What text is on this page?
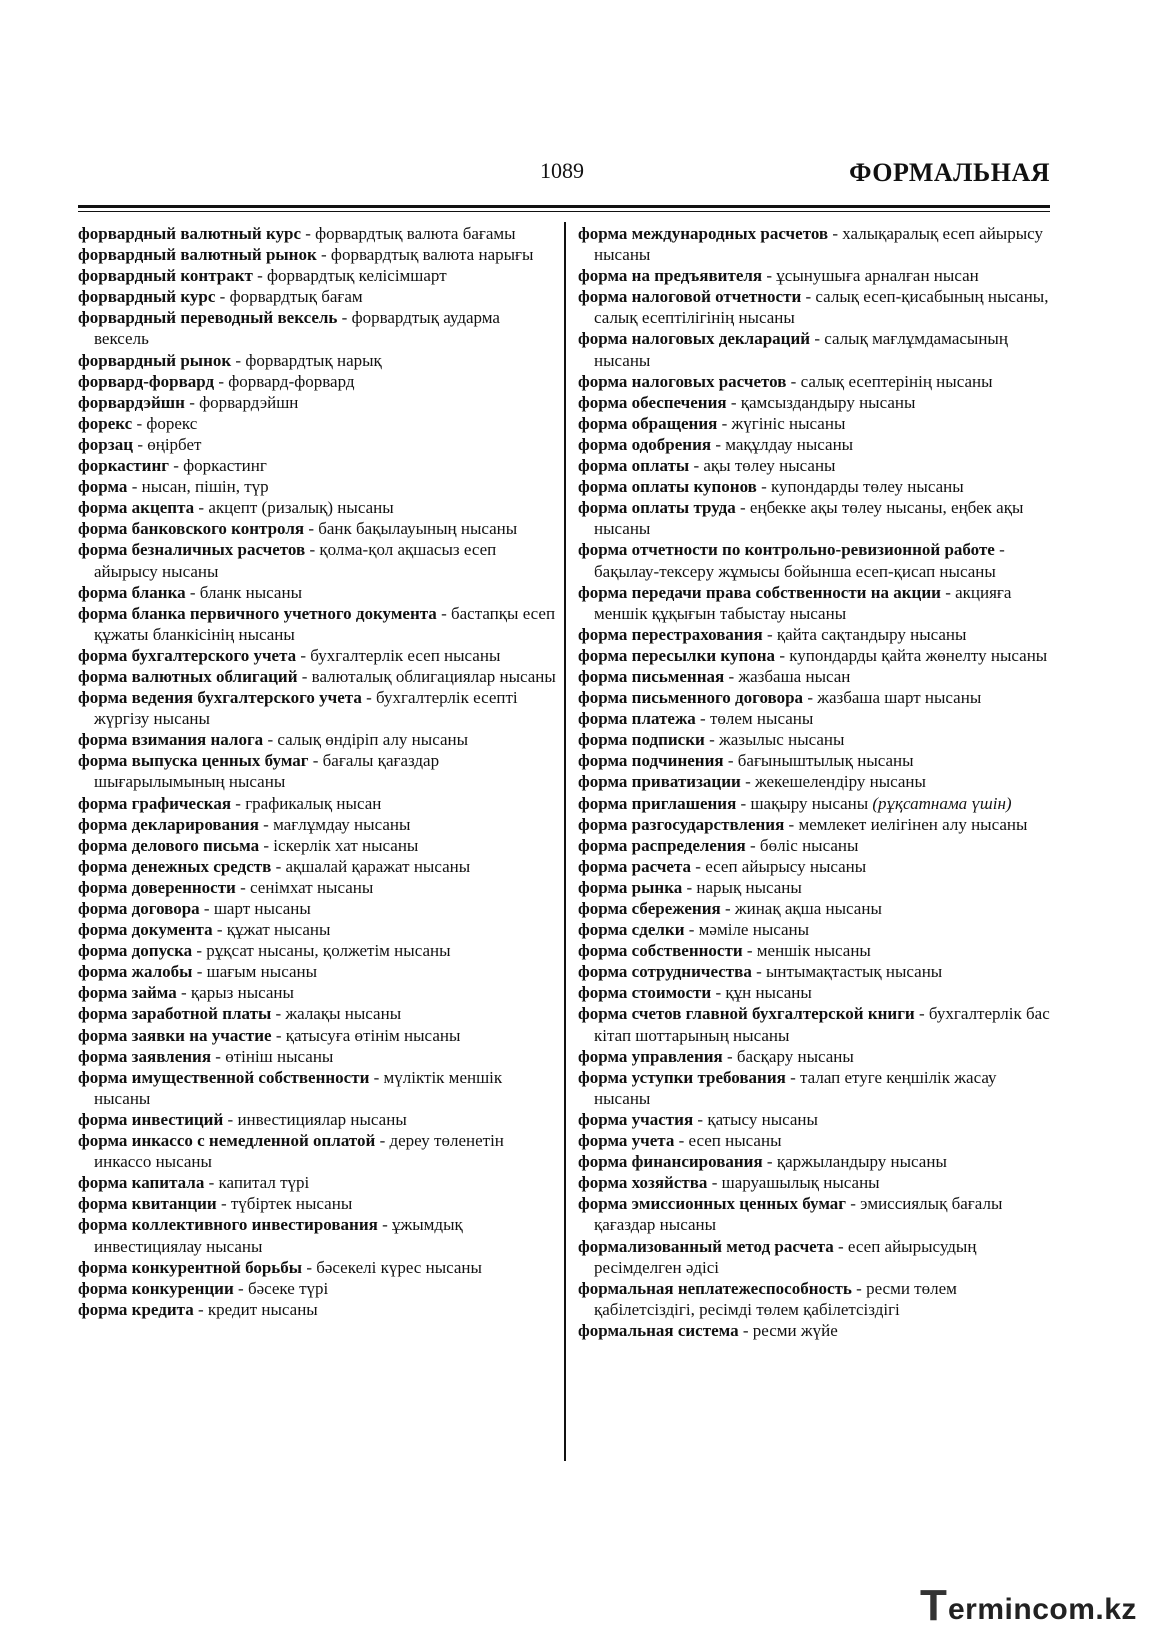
1089	ФОРМАЛЬНАЯ

форвардный валютный курс - форвардтық валюта бағамы

форвардный валютный рынок - форвардтық валюта нарығы

форвардный контракт - форвардтық келісімшарт

форвардный курс - форвардтық бағам

форвардный переводный вексель - форвардтық аударма вексель

форвардный рынок - форвардтық нарық

форвард-форвард - форвард-форвард

форвардэйшн - форвардэйшн

форекс - форекс

форзац - өңірбет

форкастинг - форкастинг

форма - нысан, пішін, түр

форма акцепта - акцепт (ризалық) нысаны

форма банковского контроля - банк бақылауының нысаны

форма безналичных расчетов - қолма-қол ақшасыз есеп айырысу нысаны

форма бланка - бланк нысаны

форма бланка первичного учетного документа - бастапқы есеп құжаты бланкісінің нысаны

форма бухгалтерского учета - бухгалтерлік есеп нысаны

форма валютных облигаций - валюталық облигациялар нысаны

форма ведения бухгалтерского учета - бухгалтерлік есепті жүргізу нысаны

форма взимания налога - салық өндіріп алу нысаны

форма выпуска ценных бумаг - бағалы қағаздар шығарылымының нысаны

форма графическая - графикалық нысан

форма декларирования - мағлұмдау нысаны

форма делового письма - іскерлік хат нысаны

форма денежных средств - ақшалай қаражат нысаны

форма доверенности - сенімхат нысаны

форма договора - шарт нысаны

форма документа - құжат нысаны

форма допуска - рұқсат нысаны, қолжетім нысаны

форма жалобы - шағым нысаны

форма займа - қарыз нысаны

форма заработной платы - жалақы нысаны

форма заявки на участие - қатысуға өтінім нысаны

форма заявления - өтініш нысаны

форма имущественной собственности - мүліктік меншік нысаны

форма инвестиций - инвестициялар нысаны

форма инкассо с немедленной оплатой - дереу төленетін инкассо нысаны

форма капитала - капитал түрі

форма квитанции - түбіртек нысаны

форма коллективного инвестирования - ұжымдық инвестициялау нысаны

форма конкурентной борьбы - бәсекелі күрес нысаны

форма конкуренции - бәсеке түрі

форма кредита - кредит нысаны

форма международных расчетов - халықаралық есеп айырысу нысаны

форма на предъявителя - ұсынушыға арналған нысан

форма налоговой отчетности - салық есеп-қисабының нысаны, салық есептілігінің нысаны

форма налоговых деклараций - салық мағлұмдамасының нысаны

форма налоговых расчетов - салық есептерінің нысаны

форма обеспечения - қамсыздандыру нысаны

форма обращения - жүгініс нысаны

форма одобрения - мақұлдау нысаны

форма оплаты - ақы төлеу нысаны

форма оплаты купонов - купондарды төлеу нысаны

форма оплаты труда - еңбекке ақы төлеу нысаны, еңбек ақы нысаны

форма отчетности по контрольно-ревизионной работе - бақылау-тексеру жұмысы бойынша есеп-қисап нысаны

форма передачи права собственности на акции - акцияға меншік құқығын табыстау нысаны

форма перестрахования - қайта сақтандыру нысаны

форма пересылки купона - купондарды қайта жөнелту нысаны

форма письменная - жазбаша нысан

форма письменного договора - жазбаша шарт нысаны

форма платежа - төлем нысаны

форма подписки - жазылыс нысаны

форма подчинения - бағыныштылық нысаны

форма приватизации - жекешелендіру нысаны

форма приглашения - шақыру нысаны (рұқсатнама үшін)

форма разгосударствления - мемлекет иелігінен алу нысаны

форма распределения - бөліс нысаны

форма расчета - есеп айырысу нысаны

форма рынка - нарық нысаны

форма сбережения - жинақ ақша нысаны

форма сделки - мәміле нысаны

форма собственности - меншік нысаны

форма сотрудничества - ынтымақтастық нысаны

форма стоимости - құн нысаны

форма счетов главной бухгалтерской книги - бухгалтерлік бас кітап шоттарының нысаны

форма управления - басқару нысаны

форма уступки требования - талап етуге кеңшілік жасау нысаны

форма участия - қатысу нысаны

форма учета - есеп нысаны

форма финансирования - қаржыландыру нысаны

форма хозяйства - шаруашылық нысаны

форма эмиссионных ценных бумаг - эмиссиялық бағалы қағаздар нысаны

формализованный метод расчета - есеп айырысудың ресімделген әдісі

формальная неплатежеспособность - ресми төлем қабілетсіздігі, ресімді төлем қабілетсіздігі

формальная система - ресми жүйе

T ermincom.kz
